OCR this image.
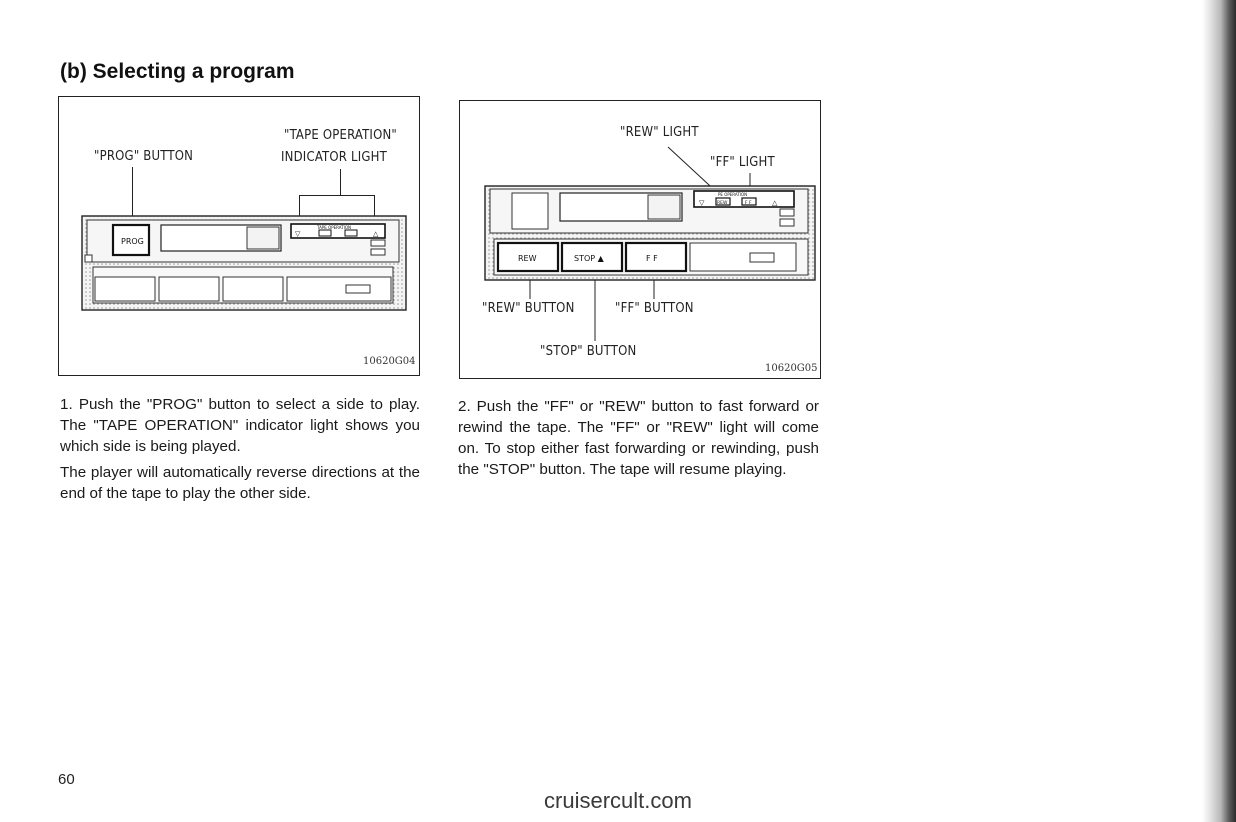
(b) Selecting a program
"PROG" BUTTON
"TAPE OPERATION"
INDICATOR LIGHT
PROG
TAPE OPERATION
▽	△
10620G04
"REW" LIGHT
"FF" LIGHT
"REW" BUTTON	"FF" BUTTON
"STOP" BUTTON
PE OPERATION
▽	REW	F F	△
REW	STOP ▲	F F
10620G05

1. Push the "PROG" button to select a side to play. The "TAPE OPERATION" indicator light shows you which side is being played.

The player will automatically reverse directions at the end of the tape to play the other side.

2. Push the "FF" or "REW" button to fast forward or rewind the tape. The "FF" or "REW" light will come on. To stop either fast forwarding or rewinding, push the "STOP" button. The tape will resume playing.

60
cruisercult.com
